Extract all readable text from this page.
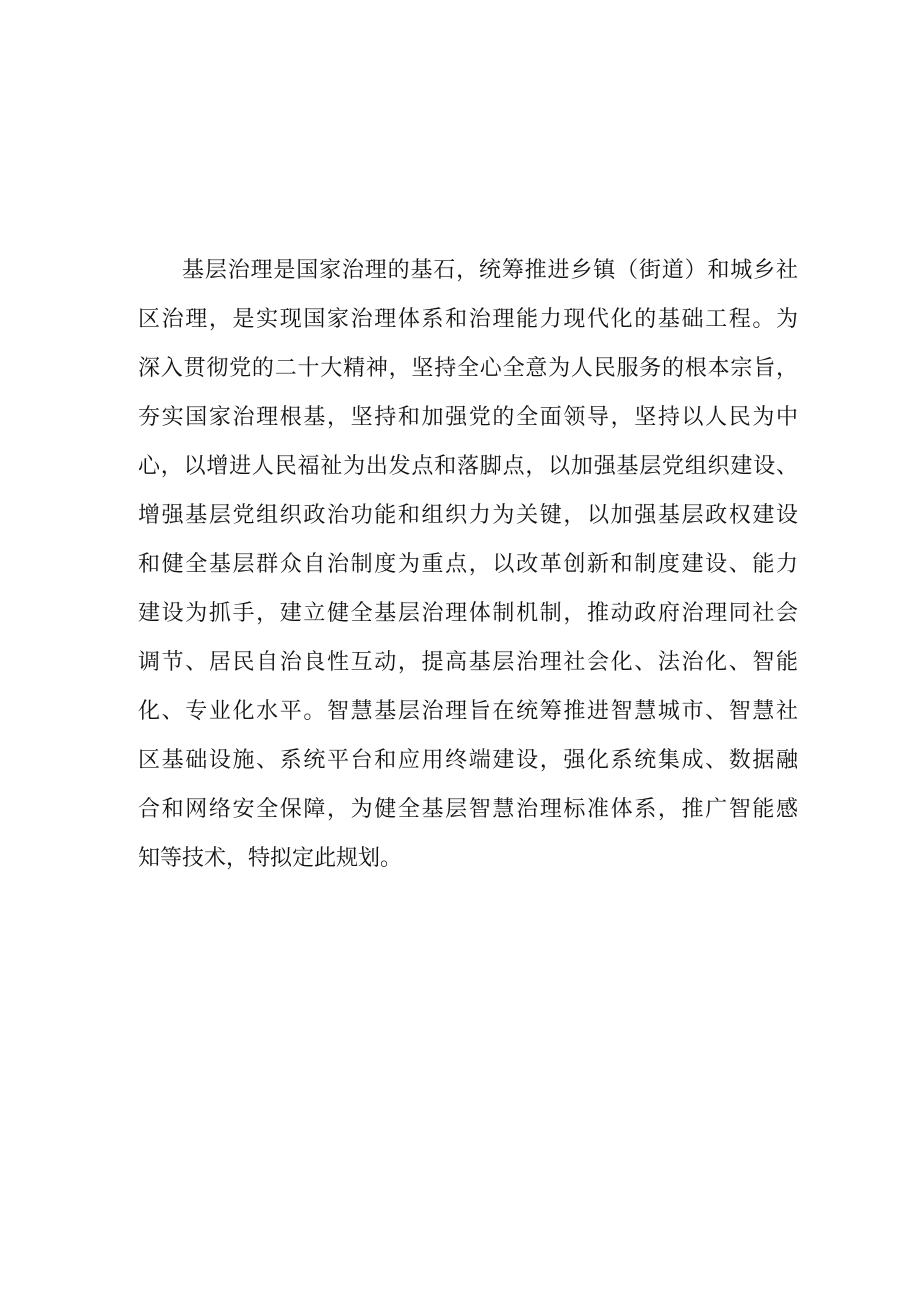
基层治理是国家治理的基石，统筹推进乡镇（街道）和城乡社
区治理，是实现国家治理体系和治理能力现代化的基础工程。为
深入贯彻党的二十大精神，坚持全心全意为人民服务的根本宗旨，
夯实国家治理根基，坚持和加强党的全面领导，坚持以人民为中
心，以增进人民福祉为出发点和落脚点，以加强基层党组织建设、
增强基层党组织政治功能和组织力为关键，以加强基层政权建设
和健全基层群众自治制度为重点，以改革创新和制度建设、能力
建设为抓手，建立健全基层治理体制机制，推动政府治理同社会
调节、居民自治良性互动，提高基层治理社会化、法治化、智能
化、专业化水平。智慧基层治理旨在统筹推进智慧城市、智慧社
区基础设施、系统平台和应用终端建设，强化系统集成、数据融
合和网络安全保障，为健全基层智慧治理标准体系，推广智能感
知等技术，特拟定此规划。
